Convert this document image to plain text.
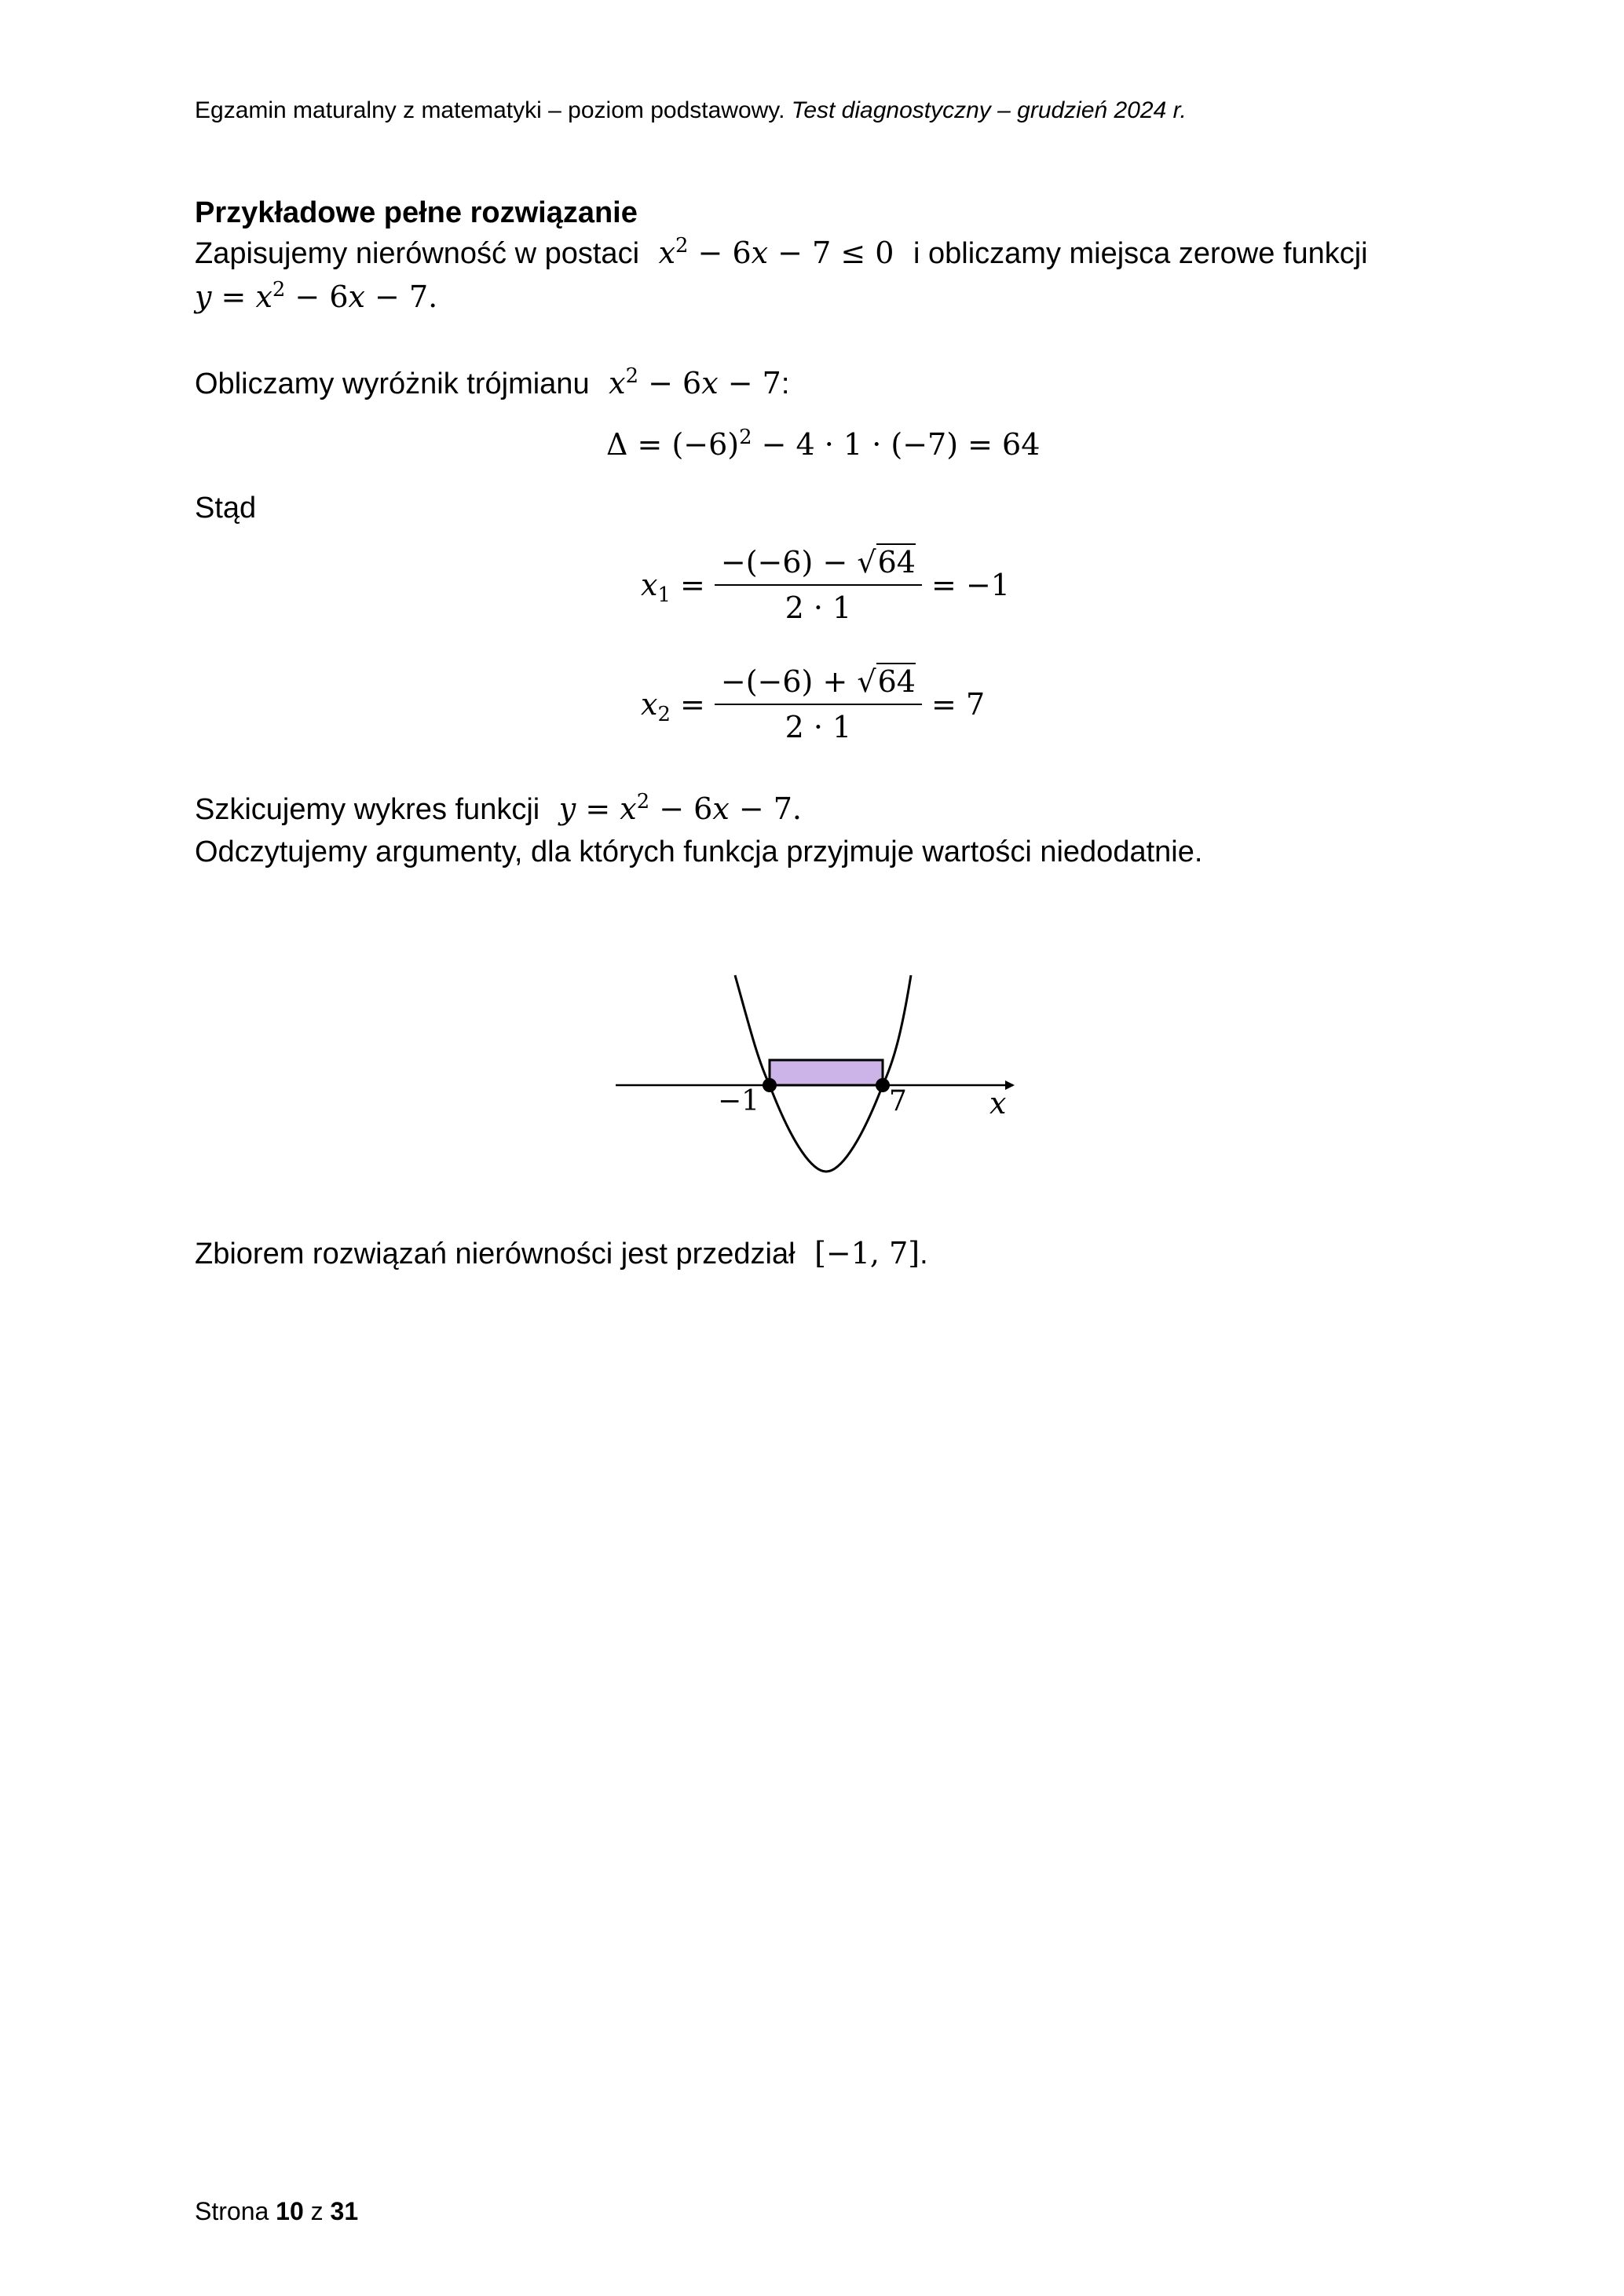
Egzamin maturalny z matematyki – poziom podstawowy. Test diagnostyczny – grudzień 2024 r.
Przykładowe pełne rozwiązanie
Zapisujemy nierówność w postaci $x^2 - 6x - 7 \le 0$ i obliczamy miejsca zerowe funkcji
$y = x^2 - 6x - 7$.
Obliczamy wyróżnik trójmianu $x^2 - 6x - 7$:
$\Delta = (-6)^2 - 4 \cdot 1 \cdot (-7) = 64$
Stąd
$x_1 = \frac{-(-6) - √64}{2 \cdot 1} = -1$
$x_2 = \frac{-(-6) + √64}{2 \cdot 1} = 7$
Szkicujemy wykres funkcji $y = x^2 - 6x - 7$.
Odczytujemy argumenty, dla których funkcja przyjmuje wartości niedodatnie.
−1	7	x
Zbiorem rozwiązań nierówności jest przedział [−1, 7].
Strona 10 z 31
